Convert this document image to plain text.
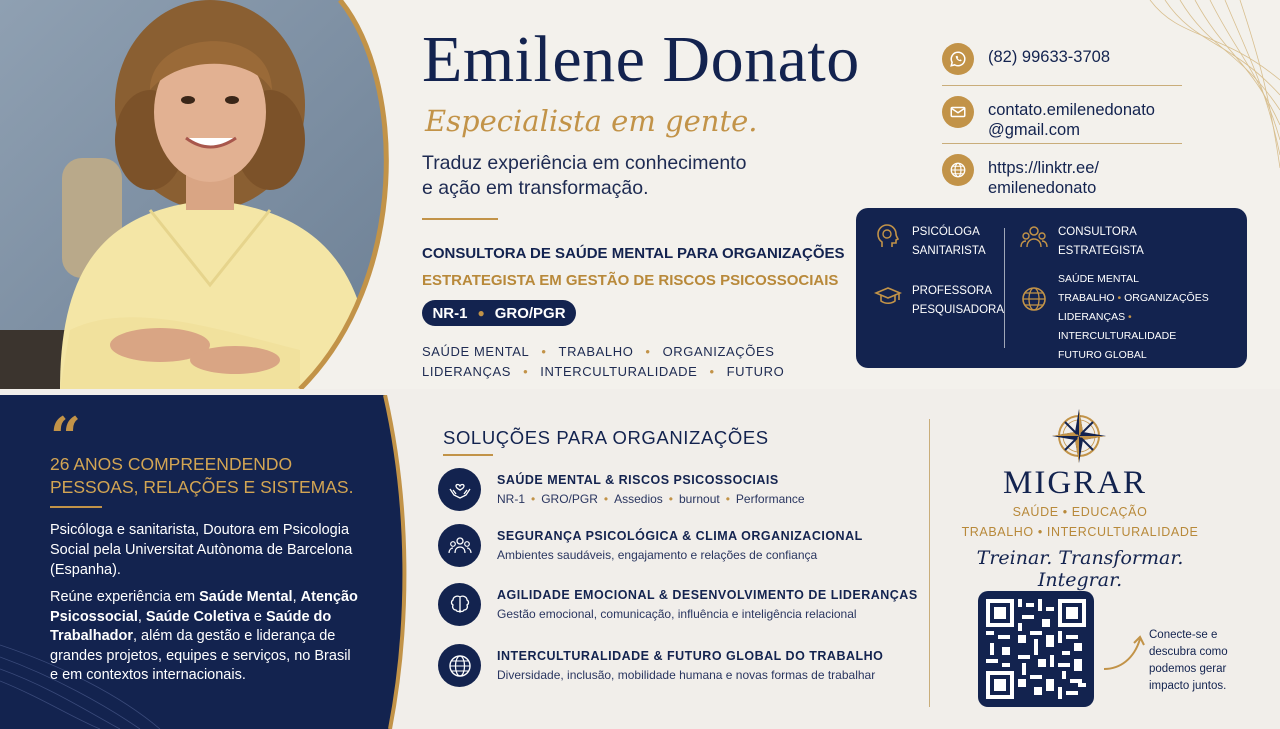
Emilene Donato
Especialista em gente.
Traduz experiência em conhecimento
e ação em transformação.
CONSULTORA DE SAÚDE MENTAL PARA ORGANIZAÇÕES
ESTRATEGISTA EM GESTÃO DE RISCOS PSICOSSOCIAIS
NR-1 ● GRO/PGR
SAÚDE MENTAL • TRABALHO • ORGANIZAÇÕES
LIDERANÇAS • INTERCULTURALIDADE • FUTURO
(82) 99633-3708
contato.emilenedonato
@gmail.com
https://linktr.ee/
emilenedonato
PSICÓLOGA
SANITARISTA
PROFESSORA
PESQUISADORA
CONSULTORA
ESTRATEGISTA
SAÚDE MENTAL
TRABALHO • ORGANIZAÇÕES
LIDERANÇAS • INTERCULTURALIDADE
FUTURO GLOBAL
“
26 ANOS COMPREENDENDO
PESSOAS, RELAÇÕES E SISTEMAS.
Psicóloga e sanitarista, Doutora em Psicologia Social pela Universitat Autònoma de Barcelona (Espanha).
Reúne experiência em Saúde Mental, Atenção Psicossocial, Saúde Coletiva e Saúde do Trabalhador, além da gestão e liderança de grandes projetos, equipes e serviços, no Brasil e em contextos internacionais.
SOLUÇÕES PARA ORGANIZAÇÕES
SAÚDE MENTAL & RISCOS PSICOSSOCIAIS
NR-1 • GRO/PGR • Assedios • burnout • Performance
SEGURANÇA PSICOLÓGICA & CLIMA ORGANIZACIONAL
Ambientes saudáveis, engajamento e relações de confiança
AGILIDADE EMOCIONAL & DESENVOLVIMENTO DE LIDERANÇAS
Gestão emocional, comunicação, influência e inteligência relacional
INTERCULTURALIDADE & FUTURO GLOBAL DO TRABALHO
Diversidade, inclusão, mobilidade humana e novas formas de trabalhar
MIGRAR
SAÚDE • EDUCAÇÃO
TRABALHO • INTERCULTURALIDADE
Treinar. Transformar. Integrar.
Conecte-se e descubra como podemos gerar impacto juntos.
